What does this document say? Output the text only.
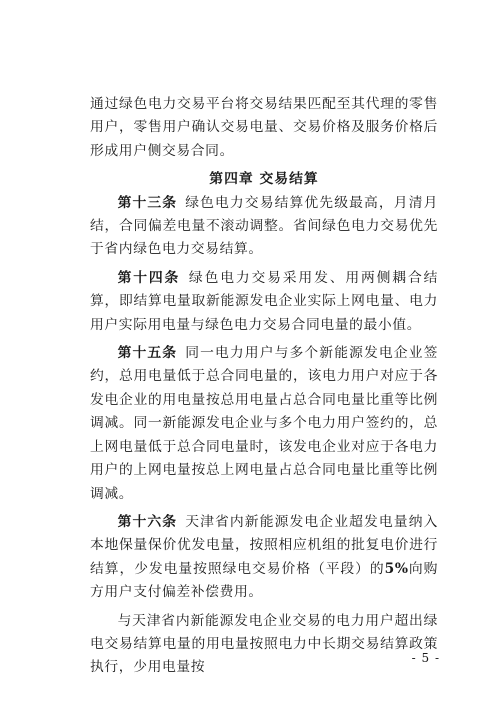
通过绿色电力交易平台将交易结果匹配至其代理的零售用户，零售用户确认交易电量、交易价格及服务价格后形成用户侧交易合同。

第四章 交易结算

第十三条  绿色电力交易结算优先级最高，月清月结，合同偏差电量不滚动调整。省间绿色电力交易优先于省内绿色电力交易结算。

第十四条  绿色电力交易采用发、用两侧耦合结算，即结算电量取新能源发电企业实际上网电量、电力用户实际用电量与绿色电力交易合同电量的最小值。

第十五条  同一电力用户与多个新能源发电企业签约，总用电量低于总合同电量的，该电力用户对应于各发电企业的用电量按总用电量占总合同电量比重等比例调减。同一新能源发电企业与多个电力用户签约的，总上网电量低于总合同电量时，该发电企业对应于各电力用户的上网电量按总上网电量占总合同电量比重等比例调减。

第十六条  天津省内新能源发电企业超发电量纳入本地保量保价优发电量，按照相应机组的批复电价进行结算，少发电量按照绿电交易价格（平段）的5%向购方用户支付偏差补偿费用。

与天津省内新能源发电企业交易的电力用户超出绿电交易结算电量的用电量按照电力中长期交易结算政策执行，少用电量按

- 5 -
